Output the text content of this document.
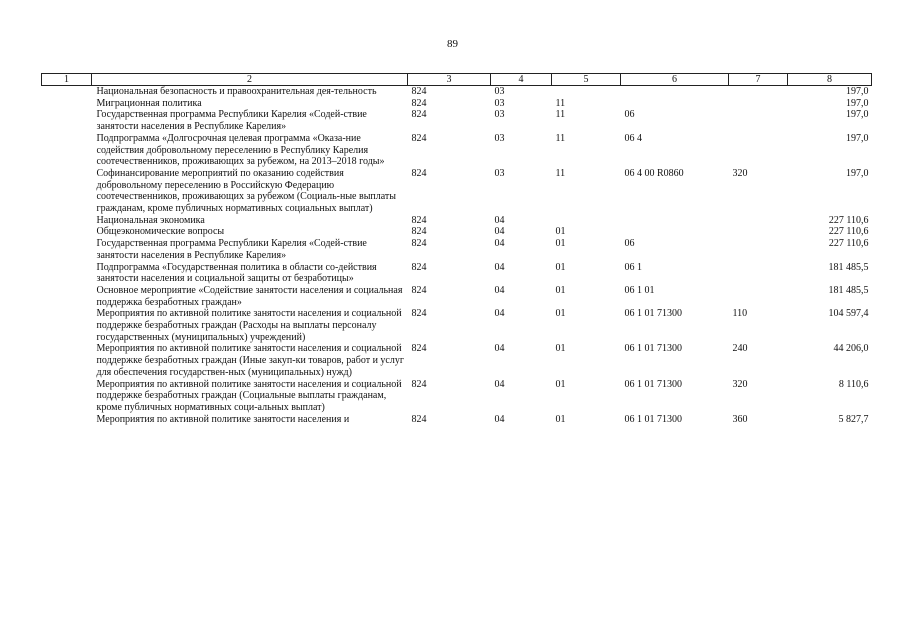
89
1	2	3	4	5	6	7	8
	Национальная безопасность и правоохранительная дея-тельность	824	03				197,0
	Миграционная политика	824	03	11			197,0
	Государственная программа Республики Карелия «Содей-ствие занятости населения в Республике Карелия»	824	03	11	06		197,0
	Подпрограмма «Долгосрочная целевая программа «Оказа-ние содействия добровольному переселению в Республику Карелия соотечественников, проживающих за рубежом, на 2013–2018 годы»	824	03	11	06 4		197,0
	Софинансирование мероприятий по оказанию содействия добровольному переселению в Российскую Федерацию соотечественников, проживающих за рубежом (Социаль-ные выплаты гражданам, кроме публичных нормативных социальных выплат)	824	03	11	06 4 00 R0860	320	197,0
	Национальная экономика	824	04				227 110,6
	Общеэкономические вопросы	824	04	01			227 110,6
	Государственная программа Республики Карелия «Содей-ствие занятости населения в Республике Карелия»	824	04	01	06		227 110,6
	Подпрограмма «Государственная политика в области со-действия занятости населения и социальной защиты от безработицы»	824	04	01	06 1		181 485,5
	Основное мероприятие «Содействие занятости населения и социальная поддержка безработных граждан»	824	04	01	06 1 01		181 485,5
	Мероприятия по активной политике занятости населения и социальной поддержке безработных граждан (Расходы на выплаты персоналу государственных (муниципальных) учреждений)	824	04	01	06 1 01 71300	110	104 597,4
	Мероприятия по активной политике занятости населения и социальной поддержке безработных граждан (Иные закуп-ки товаров, работ и услуг для обеспечения государствен-ных (муниципальных) нужд)	824	04	01	06 1 01 71300	240	44 206,0
	Мероприятия по активной политике занятости населения и социальной поддержке безработных граждан (Социальные выплаты гражданам, кроме публичных нормативных соци-альных выплат)	824	04	01	06 1 01 71300	320	8 110,6
	Мероприятия по активной политике занятости населения и	824	04	01	06 1 01 71300	360	5 827,7
